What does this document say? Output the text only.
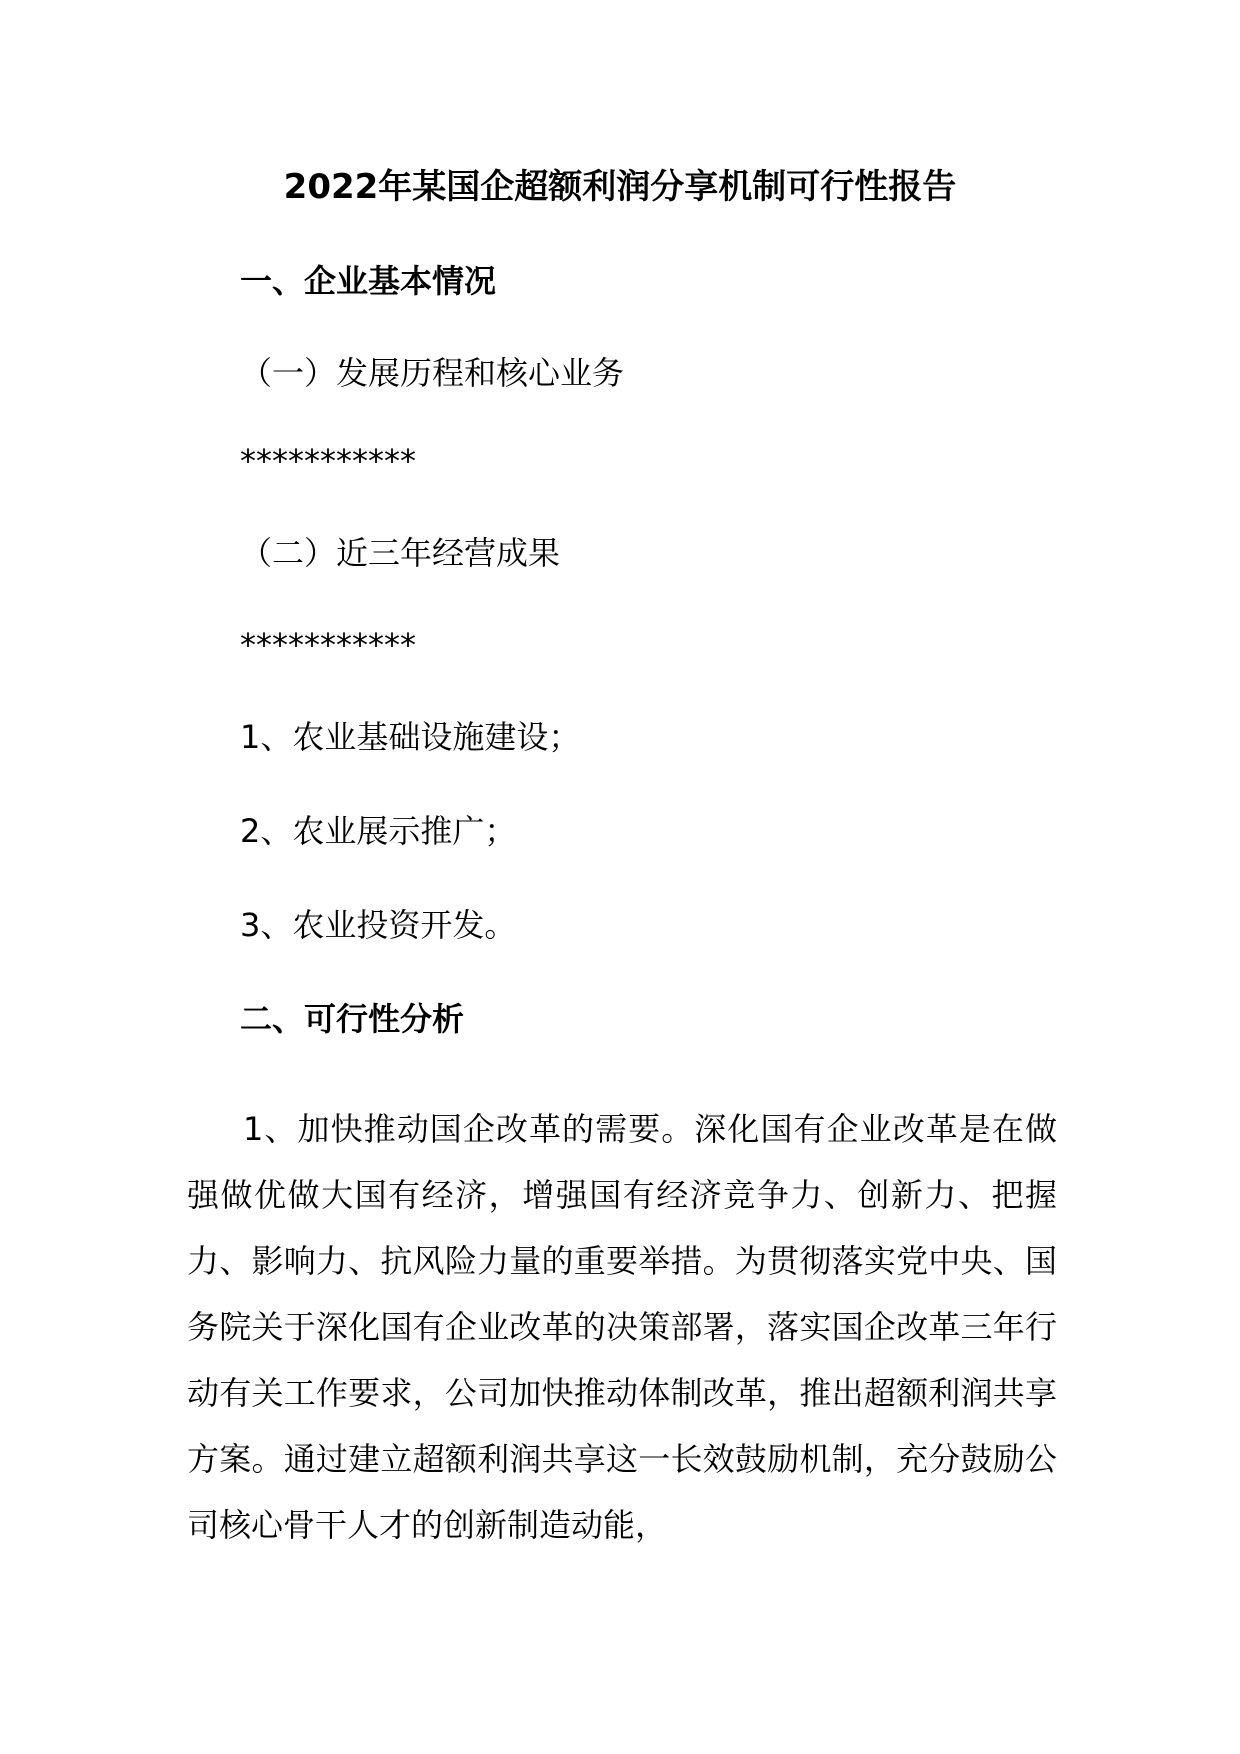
2022年某国企超额利润分享机制可行性报告
一、企业基本情况
（一）发展历程和核心业务
***********
（二）近三年经营成果
***********
1、农业基础设施建设；
2、农业展示推广；
3、农业投资开发。
二、可行性分析
1、加快推动国企改革的需要。深化国有企业改革是在做强做优做大国有经济，增强国有经济竞争力、创新力、把握力、影响力、抗风险力量的重要举措。为贯彻落实党中央、国务院关于深化国有企业改革的决策部署，落实国企改革三年行动有关工作要求，公司加快推动体制改革，推出超额利润共享方案。通过建立超额利润共享这一长效鼓励机制，充分鼓励公司核心骨干人才的创新制造动能，
